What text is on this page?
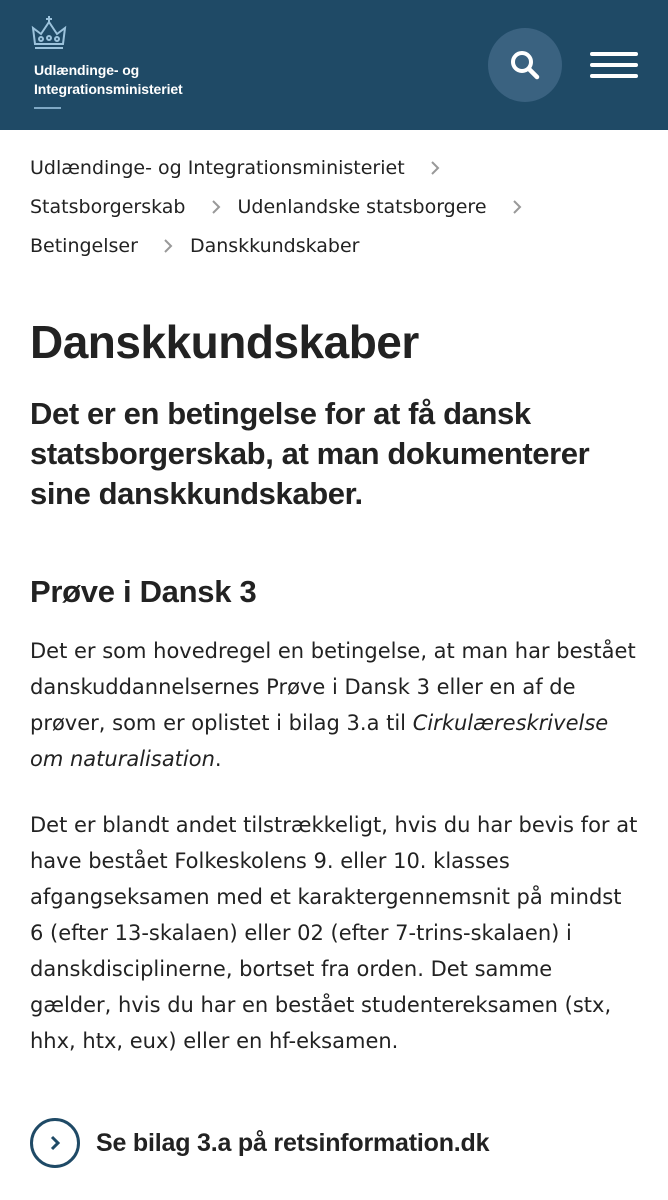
Udlændinge- og
Integrationsministeriet
Udlændinge- og Integrationsministeriet
Statsborgerskab	Udenlandske statsborgere
Betingelser	Danskkundskaber
Danskkundskaber

Det er en betingelse for at få dansk statsborgerskab, at man dokumenterer sine danskkundskaber.

Prøve i Dansk 3

Det er som hovedregel en betingelse, at man har bestået danskuddannelsernes Prøve i Dansk 3 eller en af de prøver, som er oplistet i bilag 3.a til Cirkulæreskrivelse om naturalisation.

Det er blandt andet tilstrækkeligt, hvis du har bevis for at have bestået Folkeskolens 9. eller 10. klasses afgangseksamen med et karaktergennemsnit på mindst 6 (efter 13-skalaen) eller 02 (efter 7-trins-skalaen) i danskdisciplinerne, bortset fra orden. Det samme gælder, hvis du har en bestået studentereksamen (stx, hhx, htx, eux) eller en hf-eksamen.

Se bilag 3.a på retsinformation.dk
